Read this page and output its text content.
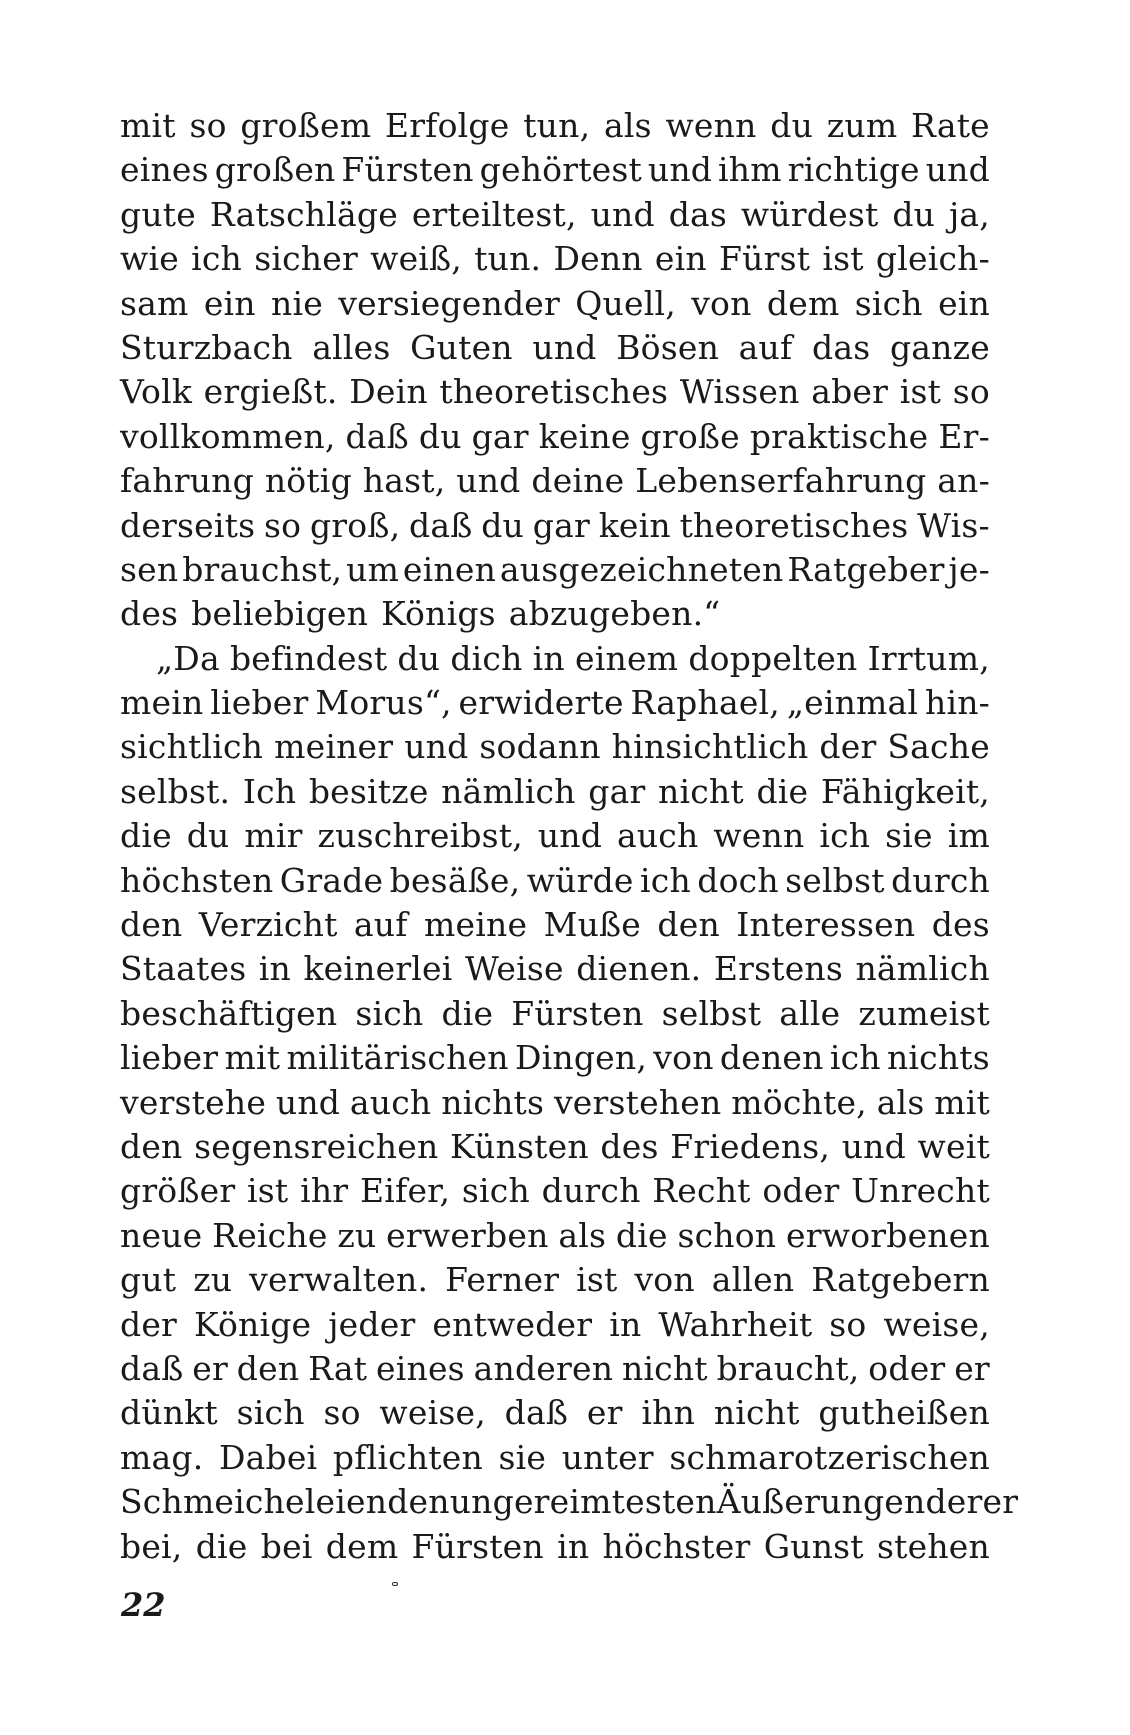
mit so großem Erfolge tun, als wenn du zum Rate
eines großen Fürsten gehörtest und ihm richtige und
gute Ratschläge erteiltest, und das würdest du ja,
wie ich sicher weiß, tun. Denn ein Fürst ist gleich-
sam ein nie versiegender Quell, von dem sich ein
Sturzbach alles Guten und Bösen auf das ganze
Volk ergießt. Dein theoretisches Wissen aber ist so
vollkommen, daß du gar keine große praktische Er-
fahrung nötig hast, und deine Lebenserfahrung an-
derseits so groß, daß du gar kein theoretisches Wis-
sen brauchst, um einen ausgezeichneten Ratgeber je-
des beliebigen Königs abzugeben.“
„Da befindest du dich in einem doppelten Irrtum,
mein lieber Morus“, erwiderte Raphael, „einmal hin-
sichtlich meiner und sodann hinsichtlich der Sache
selbst. Ich besitze nämlich gar nicht die Fähigkeit,
die du mir zuschreibst, und auch wenn ich sie im
höchsten Grade besäße, würde ich doch selbst durch
den Verzicht auf meine Muße den Interessen des
Staates in keinerlei Weise dienen. Erstens nämlich
beschäftigen sich die Fürsten selbst alle zumeist
lieber mit militärischen Dingen, von denen ich nichts
verstehe und auch nichts verstehen möchte, als mit
den segensreichen Künsten des Friedens, und weit
größer ist ihr Eifer, sich durch Recht oder Unrecht
neue Reiche zu erwerben als die schon erworbenen
gut zu verwalten. Ferner ist von allen Ratgebern
der Könige jeder entweder in Wahrheit so weise,
daß er den Rat eines anderen nicht braucht, oder er
dünkt sich so weise, daß er ihn nicht gutheißen
mag. Dabei pflichten sie unter schmarotzerischen
Schmeicheleien den ungereimtesten Äußerungen derer
bei, die bei dem Fürsten in höchster Gunst stehen
22
